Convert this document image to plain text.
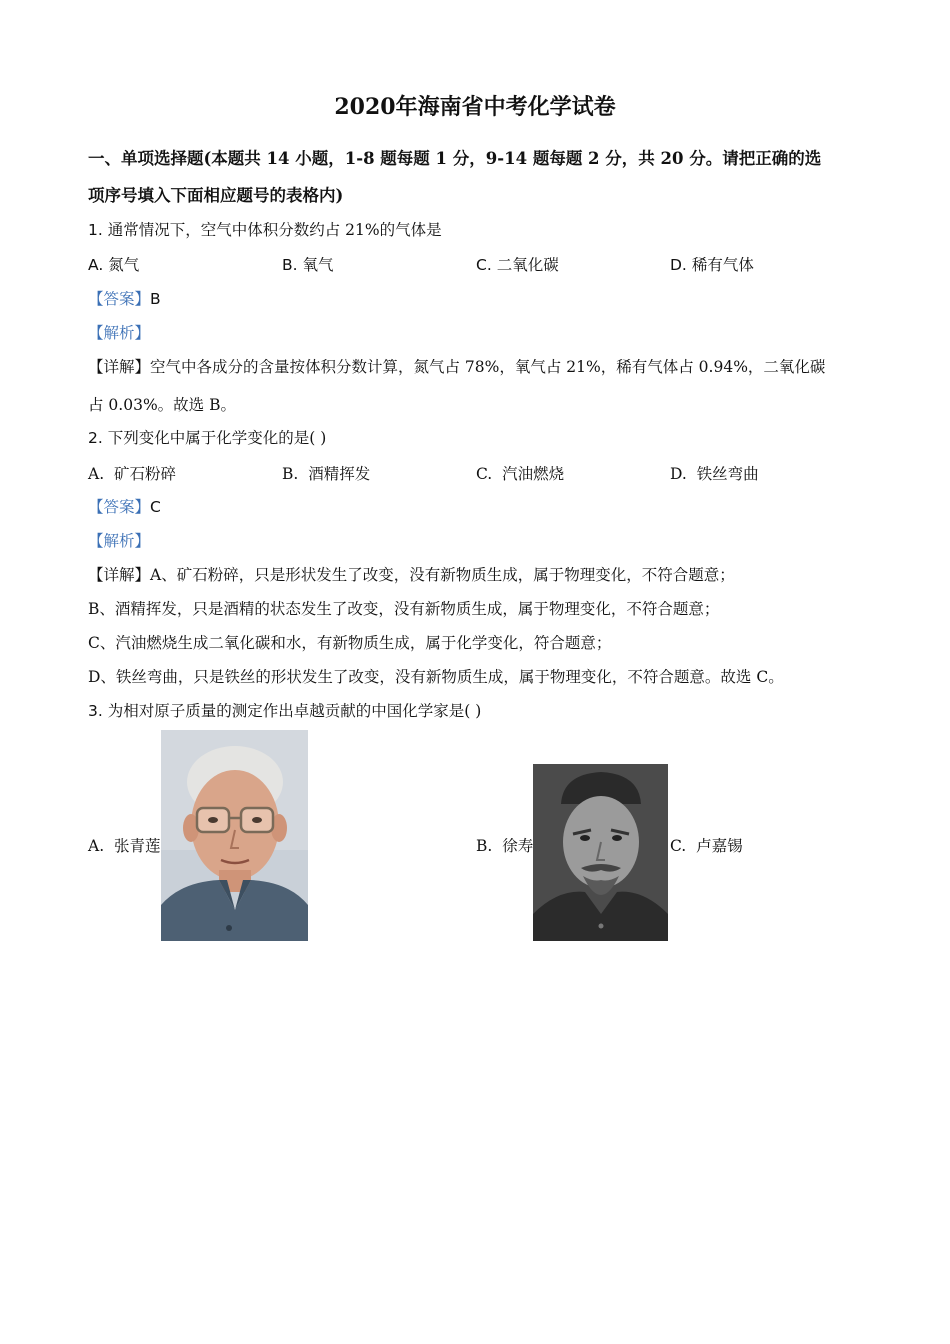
2020年海南省中考化学试卷
一、单项选择题(本题共 14 小题，1-8 题每题 1 分，9-14 题每题 2 分，共 20 分。请把正确的选
项序号填入下面相应题号的表格内)
1. 通常情况下，空气中体积分数约占 21%的气体是
A. 氮气	B. 氧气	C. 二氧化碳	D. 稀有气体
【答案】B
【解析】
【详解】空气中各成分的含量按体积分数计算，氮气占 78%，氧气占 21%，稀有气体占 0.94%，二氧化碳
占 0.03%。故选 B。
2. 下列变化中属于化学变化的是( )
A. 矿石粉碎	B. 酒精挥发	C. 汽油燃烧	D. 铁丝弯曲
【答案】C
【解析】
【详解】A、矿石粉碎，只是形状发生了改变，没有新物质生成，属于物理变化，不符合题意；
B、酒精挥发，只是酒精的状态发生了改变，没有新物质生成，属于物理变化，不符合题意；
C、汽油燃烧生成二氧化碳和水，有新物质生成，属于化学变化，符合题意；
D、铁丝弯曲，只是铁丝的形状发生了改变，没有新物质生成，属于物理变化，不符合题意。故选 C。
3. 为相对原子质量的测定作出卓越贡献的中国化学家是( )
A. 张青莲	B. 徐寿	C. 卢嘉锡
